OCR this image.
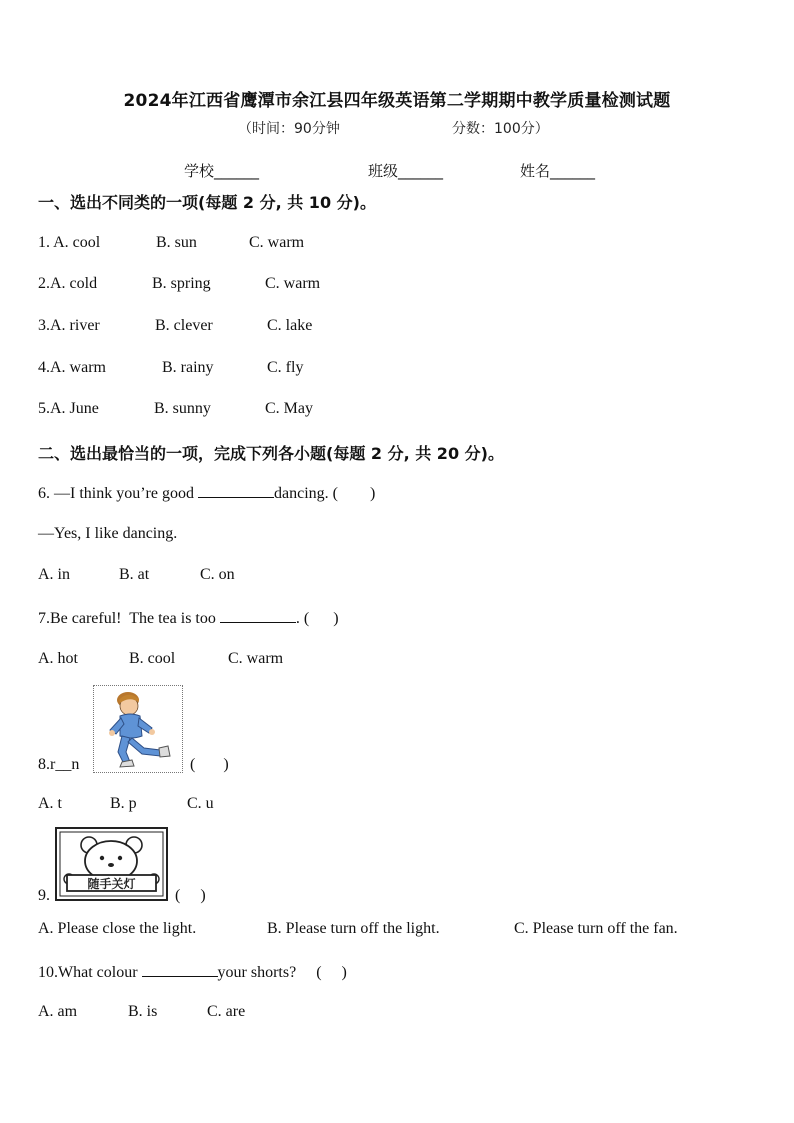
2024年江西省鹰潭市余江县四年级英语第二学期期中教学质量检测试题
（时间：90分钟	分数：100分）
学校______	班级______	姓名______
一、选出不同类的一项(每题 2 分, 共 10 分)。
1. A. cool	B. sun	C. warm
2.A. cold	B. spring	C. warm
3.A. river	B. clever	C. lake
4.A. warm	B. rainy	C. fly
5.A. June	B. sunny	C. May
二、选出最恰当的一项，完成下列各小题(每题 2 分, 共 20 分)。
6. —I think you’re good	dancing. (        )
—Yes, I like dancing.
A. in	B. at	C. on
7.Be careful!  The tea is too	. (      )
A. hot	B. cool	C. warm
8.r__n	(       )
A. t	B. p	C. u
9.
随手关灯
(     )
A. Please close the light.	B. Please turn off the light.	C. Please turn off the fan.
10.What colour	your shorts?     (     )
A. am	B. is	C. are
